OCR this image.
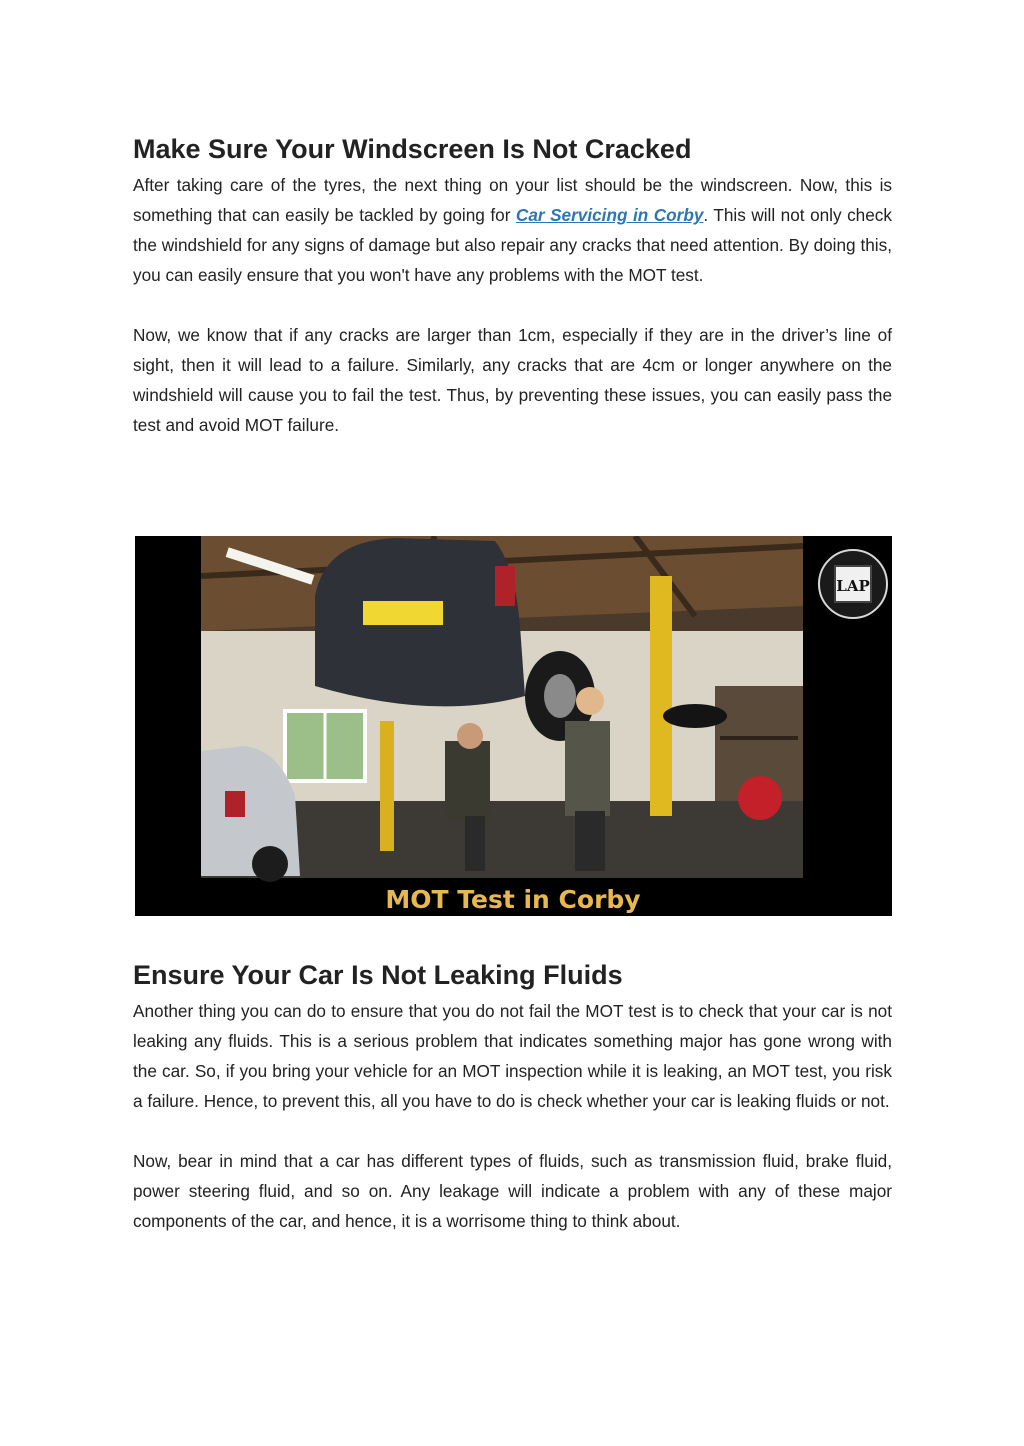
Make Sure Your Windscreen Is Not Cracked

After taking care of the tyres, the next thing on your list should be the windscreen. Now, this is something that can easily be tackled by going for Car Servicing in Corby. This will not only check the windshield for any signs of damage but also repair any cracks that need attention. By doing this, you can easily ensure that you won't have any problems with the MOT test.

Now, we know that if any cracks are larger than 1cm, especially if they are in the driver’s line of sight, then it will lead to a failure. Similarly, any cracks that are 4cm or longer anywhere on the windshield will cause you to fail the test. Thus, by preventing these issues, you can easily pass the test and avoid MOT failure.

LAP
MOT Test in Corby
Ensure Your Car Is Not Leaking Fluids

Another thing you can do to ensure that you do not fail the MOT test is to check that your car is not leaking any fluids. This is a serious problem that indicates something major has gone wrong with the car. So, if you bring your vehicle for an MOT inspection while it is leaking, an MOT test, you risk a failure. Hence, to prevent this, all you have to do is check whether your car is leaking fluids or not.

Now, bear in mind that a car has different types of fluids, such as transmission fluid, brake fluid, power steering fluid, and so on. Any leakage will indicate a problem with any of these major components of the car, and hence, it is a worrisome thing to think about.
